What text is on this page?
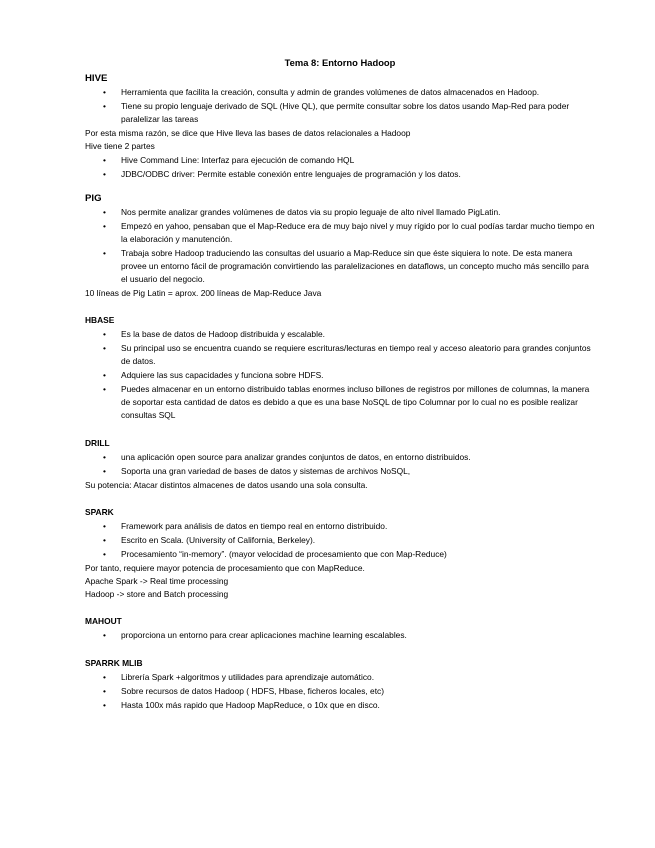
Tema 8: Entorno Hadoop

HIVE

• Herramienta que facilita la creación, consulta y admin de grandes volúmenes de datos almacenados en Hadoop.
• Tiene su propio lenguaje derivado de SQL (Hive QL), que permite consultar sobre los datos usando Map-Red para poder paralelizar las tareas

Por esta misma razón, se dice que Hive lleva las bases de datos relacionales a Hadoop

Hive tiene 2 partes

• Hive Command Line: Interfaz para ejecución de comando HQL
• JDBC/ODBC driver: Permite estable conexión entre lenguajes de programación y los datos.

PIG

• Nos permite analizar grandes volúmenes de datos via su propio leguaje de alto nivel llamado PigLatin.
• Empezó en yahoo, pensaban que el Map-Reduce era de muy bajo nivel y muy rígido por lo cual podías tardar mucho tiempo en la elaboración y manutención.
• Trabaja sobre Hadoop traduciendo las consultas del usuario a Map-Reduce sin que éste siquiera lo note. De esta manera provee un entorno fácil de programación convirtiendo las paralelizaciones en dataflows, un concepto mucho más sencillo para el usuario del negocio.

10 líneas de Pig Latin = aprox. 200 líneas de Map-Reduce Java

HBASE

• Es la base de datos de Hadoop distribuida y escalable.
• Su principal uso se encuentra cuando se requiere escrituras/lecturas en tiempo real y acceso aleatorio para grandes conjuntos de datos.
• Adquiere las sus capacidades y funciona sobre HDFS.
• Puedes almacenar en un entorno distribuido tablas enormes incluso billones de registros por millones de columnas, la manera de soportar esta cantidad de datos es debido a que es una base NoSQL de tipo Columnar por lo cual no es posible realizar consultas SQL

DRILL

• una aplicación open source para analizar grandes conjuntos de datos, en entorno distribuidos.
• Soporta una gran variedad de bases de datos y sistemas de archivos NoSQL,

Su potencia: Atacar distintos almacenes de datos usando una sola consulta.

SPARK

• Framework para análisis de datos en tiempo real en entorno distribuido.
• Escrito en Scala. (University of California, Berkeley).
• Procesamiento “in-memory”. (mayor velocidad de procesamiento que con Map-Reduce)

Por tanto, requiere mayor potencia de procesamiento que con MapReduce.

Apache Spark -> Real time processing

Hadoop -> store and Batch processing

MAHOUT

• proporciona un entorno para crear aplicaciones machine learning escalables.

SPARRK MLIB

• Librería Spark +algoritmos y utilidades para aprendizaje automático.
• Sobre recursos de datos Hadoop ( HDFS, Hbase, ficheros locales, etc)
• Hasta 100x más rapido que Hadoop MapReduce, o 10x que en disco.
